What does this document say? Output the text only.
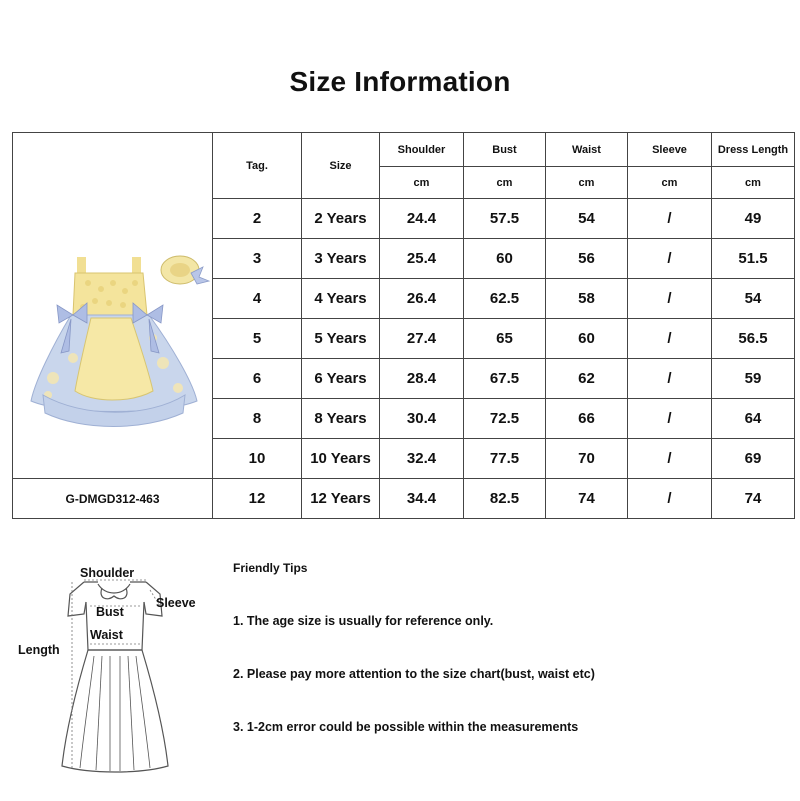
Size Information
	Tag.	Size	Shoulder	Bust	Waist	Sleeve	Dress Length
			cm	cm	cm	cm	cm
	2	2 Years	24.4	57.5	54	/	49
	3	3 Years	25.4	60	56	/	51.5
	4	4 Years	26.4	62.5	58	/	54
	5	5 Years	27.4	65	60	/	56.5
	6	6 Years	28.4	67.5	62	/	59
	8	8 Years	30.4	72.5	66	/	64
	10	10 Years	32.4	77.5	70	/	69
G-DMGD312-463	12	12 Years	34.4	82.5	74	/	74
Shoulder
Sleeve
Bust
Waist
Length
Friendly Tips
1. The age size is usually for reference only.
2. Please pay more attention to the size chart(bust, waist etc)
3. 1-2cm error could be possible within the measurements
